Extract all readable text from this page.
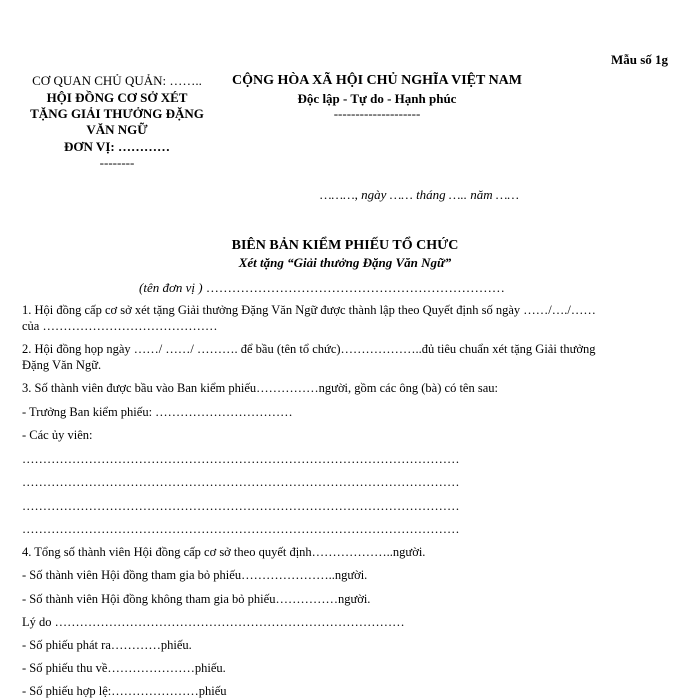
Mẫu số 1g
CƠ QUAN CHỦ QUẢN: ……..
HỘI ĐỒNG CƠ SỞ XÉT
TẶNG GIẢI THƯỞNG ĐẶNG
VĂN NGỮ
ĐƠN VỊ: …………
--------
CỘNG HÒA XÃ HỘI CHỦ NGHĨA VIỆT NAM
Độc lập - Tự do - Hạnh phúc
--------------------
………, ngày …… tháng ….. năm ……
BIÊN BẢN KIỂM PHIẾU TỔ CHỨC
Xét tặng “Giải thưởng Đặng Văn Ngữ”
(tên đơn vị ) ……………………………………………………………
1. Hội đồng cấp cơ sở xét tặng Giải thưởng Đặng Văn Ngữ được thành lập theo Quyết định số ngày ……/…./……
của ……………………………………
2. Hội đồng họp ngày ……/ ……/ ………. để bầu (tên tổ chức)………………..đủ tiêu chuẩn xét tặng Giải thưởng
Đặng Văn Ngữ.
3. Số thành viên được bầu vào Ban kiểm phiếu……………người, gồm các ông (bà) có tên sau:
- Trưởng Ban kiểm phiếu: ……………………………
- Các ủy viên:
……………………………………………………………………………………………
……………………………………………………………………………………………
……………………………………………………………………………………………
……………………………………………………………………………………………
4. Tổng số thành viên Hội đồng cấp cơ sở theo quyết định………………..người.
- Số thành viên Hội đồng tham gia bỏ phiếu…………………..người.
- Số thành viên Hội đồng không tham gia bỏ phiếu……………người.
Lý do …………………………………………………………………………
- Số phiếu phát ra…………phiếu.
- Số phiếu thu về…………………phiếu.
- Số phiếu hợp lệ:…………………phiếu
